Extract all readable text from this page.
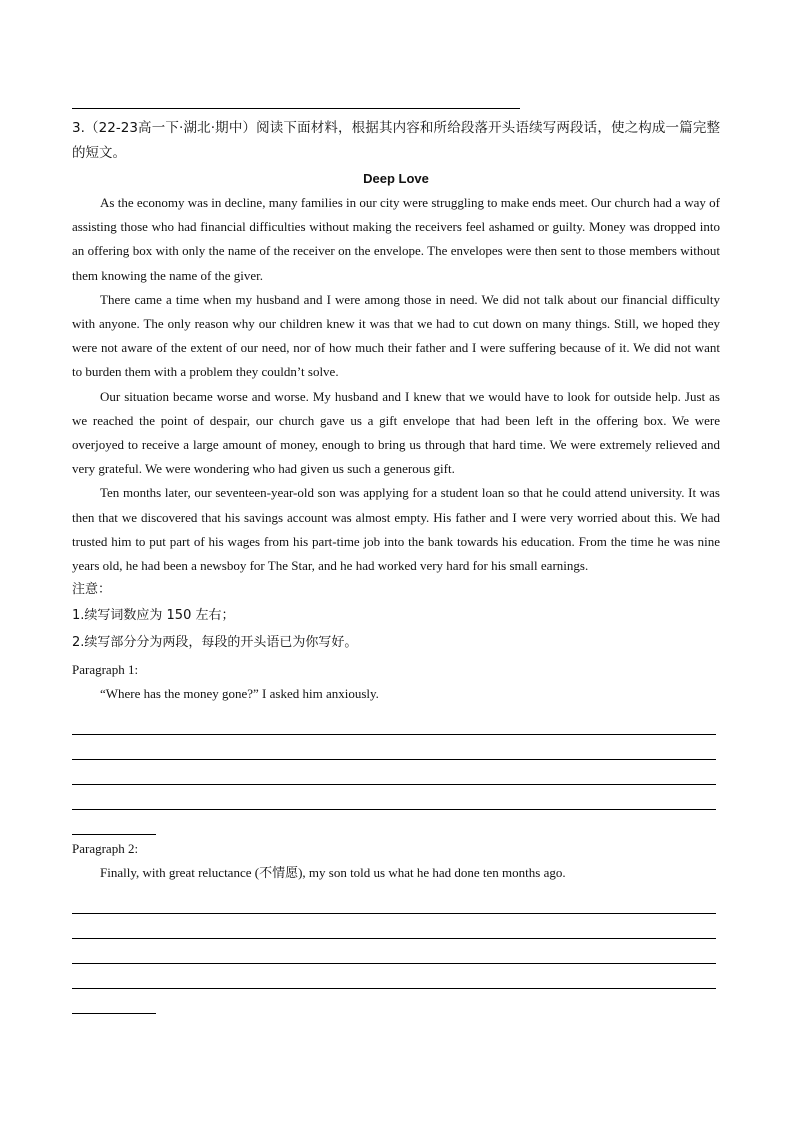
3.（22-23高一下·湖北·期中）阅读下面材料，根据其内容和所给段落开头语续写两段话，使之构成一篇完整的短文。

Deep Love

As the economy was in decline, many families in our city were struggling to make ends meet. Our church had a way of assisting those who had financial difficulties without making the receivers feel ashamed or guilty. Money was dropped into an offering box with only the name of the receiver on the envelope. The envelopes were then sent to those members without them knowing the name of the giver.

There came a time when my husband and I were among those in need. We did not talk about our financial difficulty with anyone. The only reason why our children knew it was that we had to cut down on many things. Still, we hoped they were not aware of the extent of our need, nor of how much their father and I were suffering because of it. We did not want to burden them with a problem they couldn’t solve.

Our situation became worse and worse. My husband and I knew that we would have to look for outside help. Just as we reached the point of despair, our church gave us a gift envelope that had been left in the offering box. We were overjoyed to receive a large amount of money, enough to bring us through that hard time. We were extremely relieved and very grateful. We were wondering who had given us such a generous gift.

Ten months later, our seventeen-year-old son was applying for a student loan so that he could attend university. It was then that we discovered that his savings account was almost empty. His father and I were very worried about this. We had trusted him to put part of his wages from his part-time job into the bank towards his education. From the time he was nine years old, he had been a newsboy for The Star, and he had worked very hard for his small earnings.

注意：

1.续写词数应为 150 左右；

2.续写部分分为两段，每段的开头语已为你写好。

Paragraph 1:

“Where has the money gone?” I asked him anxiously.

Paragraph 2:

Finally, with great reluctance (不情愿), my son told us what he had done ten months ago.
